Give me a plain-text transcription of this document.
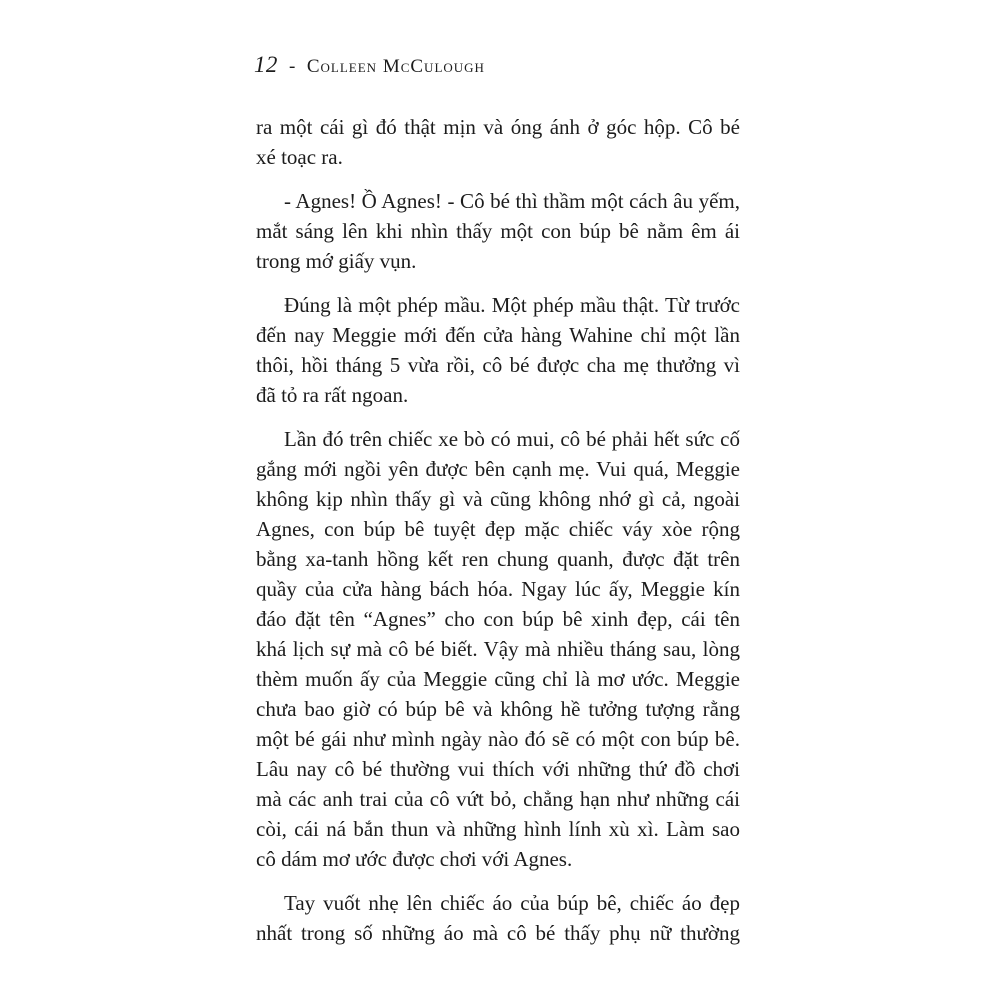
12 - Colleen McCulough

ra một cái gì đó thật mịn và óng ánh ở góc hộp. Cô bé
xé toạc ra.

- Agnes! Ồ Agnes! - Cô bé thì thầm một cách âu yếm,
mắt sáng lên khi nhìn thấy một con búp bê nằm êm ái
trong mớ giấy vụn.

Đúng là một phép mầu. Một phép mầu thật. Từ trước
đến nay Meggie mới đến cửa hàng Wahine chỉ một lần
thôi, hồi tháng 5 vừa rồi, cô bé được cha mẹ thưởng vì
đã tỏ ra rất ngoan.

Lần đó trên chiếc xe bò có mui, cô bé phải hết sức cố
gắng mới ngồi yên được bên cạnh mẹ. Vui quá, Meggie
không kịp nhìn thấy gì và cũng không nhớ gì cả, ngoài
Agnes, con búp bê tuyệt đẹp mặc chiếc váy xòe rộng
bằng xa-tanh hồng kết ren chung quanh, được đặt trên
quầy của cửa hàng bách hóa. Ngay lúc ấy, Meggie kín
đáo đặt tên “Agnes” cho con búp bê xinh đẹp, cái tên
khá lịch sự mà cô bé biết. Vậy mà nhiều tháng sau, lòng
thèm muốn ấy của Meggie cũng chỉ là mơ ước. Meggie
chưa bao giờ có búp bê và không hề tưởng tượng rằng
một bé gái như mình ngày nào đó sẽ có một con búp bê.
Lâu nay cô bé thường vui thích với những thứ đồ chơi
mà các anh trai của cô vứt bỏ, chẳng hạn như những cái
còi, cái ná bắn thun và những hình lính xù xì. Làm sao
cô dám mơ ước được chơi với Agnes.

Tay vuốt nhẹ lên chiếc áo của búp bê, chiếc áo đẹp
nhất trong số những áo mà cô bé thấy phụ nữ thường
